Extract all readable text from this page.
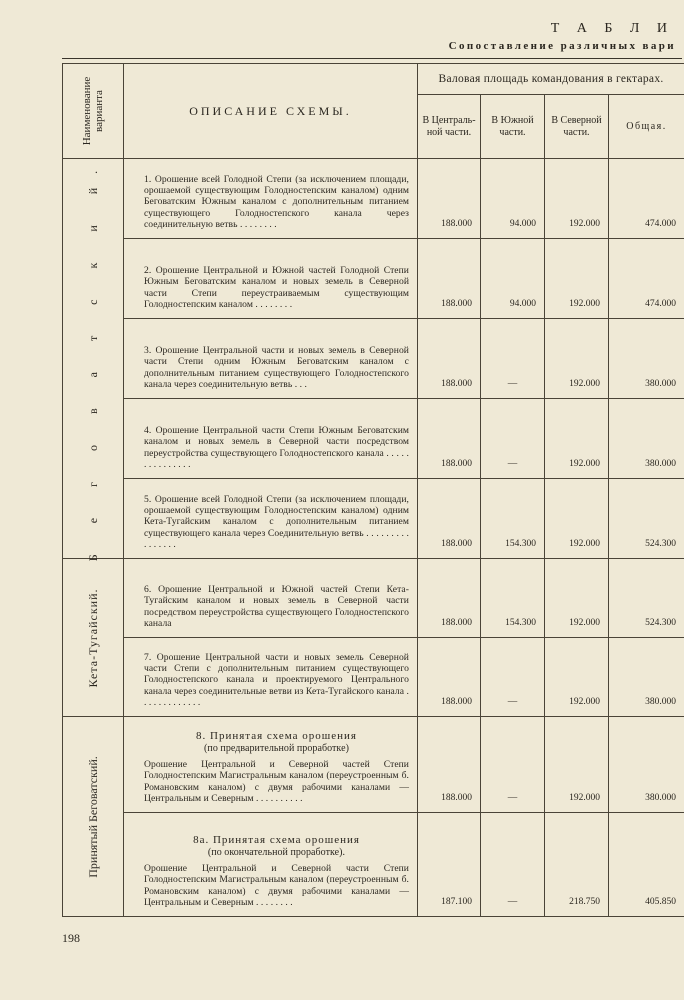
Т А Б Л И
Сопоставление различных вари
Наименование варианта	ОПИСАНИЕ СХЕМЫ.	Валовая площадь командования в гектарах.			
		В Централь- ной части.	В Южной части.	В Северной части.	Общая.

Б е г о в а т с к и й.	1. Орошение всей Голодной Степи (за исключением площади, орошаемой существующим Голодностепским каналом) одним Беговатским Южным каналом с дополнительным питанием существующего Голодностепского канала через соединительную ветвь . . . . . . . .	188.000	94.000	192.000	474.000
	2. Орошение Центральной и Южной частей Голодной Степи Южным Беговатским каналом и новых земель в Северной части Степи переустраиваемым существующим Голодностепским каналом . . . . . . . .	188.000	94.000	192.000	474.000
	3. Орошение Центральной части и новых земель в Северной части Степи одним Южным Беговатским каналом с дополнительным питанием существующего Голодностепского канала через соединительную ветвь . . .	188.000	—	192.000	380.000
	4. Орошение Центральной части Степи Южным Беговатским каналом и новых земель в Северной части посредством переустройства существующего Голодностепского канала . . . . . . . . . . . . . . .	188.000	—	192.000	380.000
	5. Орошение всей Голодной Степи (за исключением площади, орошаемой существующим Голодностепским каналом) одним Кета-Тугайским каналом с дополнительным питанием существующего канала через Соединительную ветвь . . . . . . . . . . . . . . . .	188.000	154.300	192.000	524.300

Кета-Тугайский.	6. Орошение Центральной и Южной частей Степи Кета-Тугайским каналом и новых земель в Северной части посредством переустройства существующего Голодностепского канала	188.000	154.300	192.000	524.300
	7. Орошение Центральной части и новых земель Северной части Степи с дополнительным питанием существующего Голодностепского канала и проектируемого Центрального канала через соединительные ветви из Кета-Тугайского канала . . . . . . . . . . . . .	188.000	—	192.000	380.000

Принятый Беговатский.	8. Принятая схема орошения
(по предварительной проработке)
Орошение Центральной и Северной частей Степи Голодностепским Магистральным каналом (переустроенным б. Романовским каналом) с двумя рабочими каналами — Центральным и Северным . . . . . . . . . .	188.000	—	192.000	380.000

	8а. Принятая схема орошения
(по окончательной проработке).
Орошение Центральной и Северной части Степи Голодностепским Магистральным каналом (переустроенным б. Романовским каналом) с двумя рабочими каналами — Центральным и Северным . . . . . . . .	187.100	—	218.750	405.850
198
